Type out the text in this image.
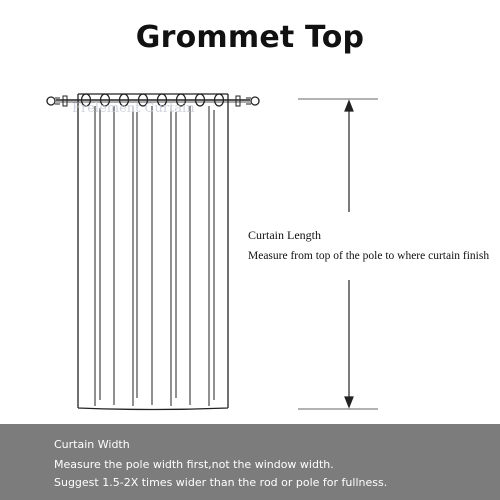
Grommet Top
Frelement Curtain
Curtain Length
Measure from top of the pole to where curtain finish
Curtain Width
Measure the pole width first,not the window width.
Suggest 1.5-2X times wider than the rod or pole for fullness.
